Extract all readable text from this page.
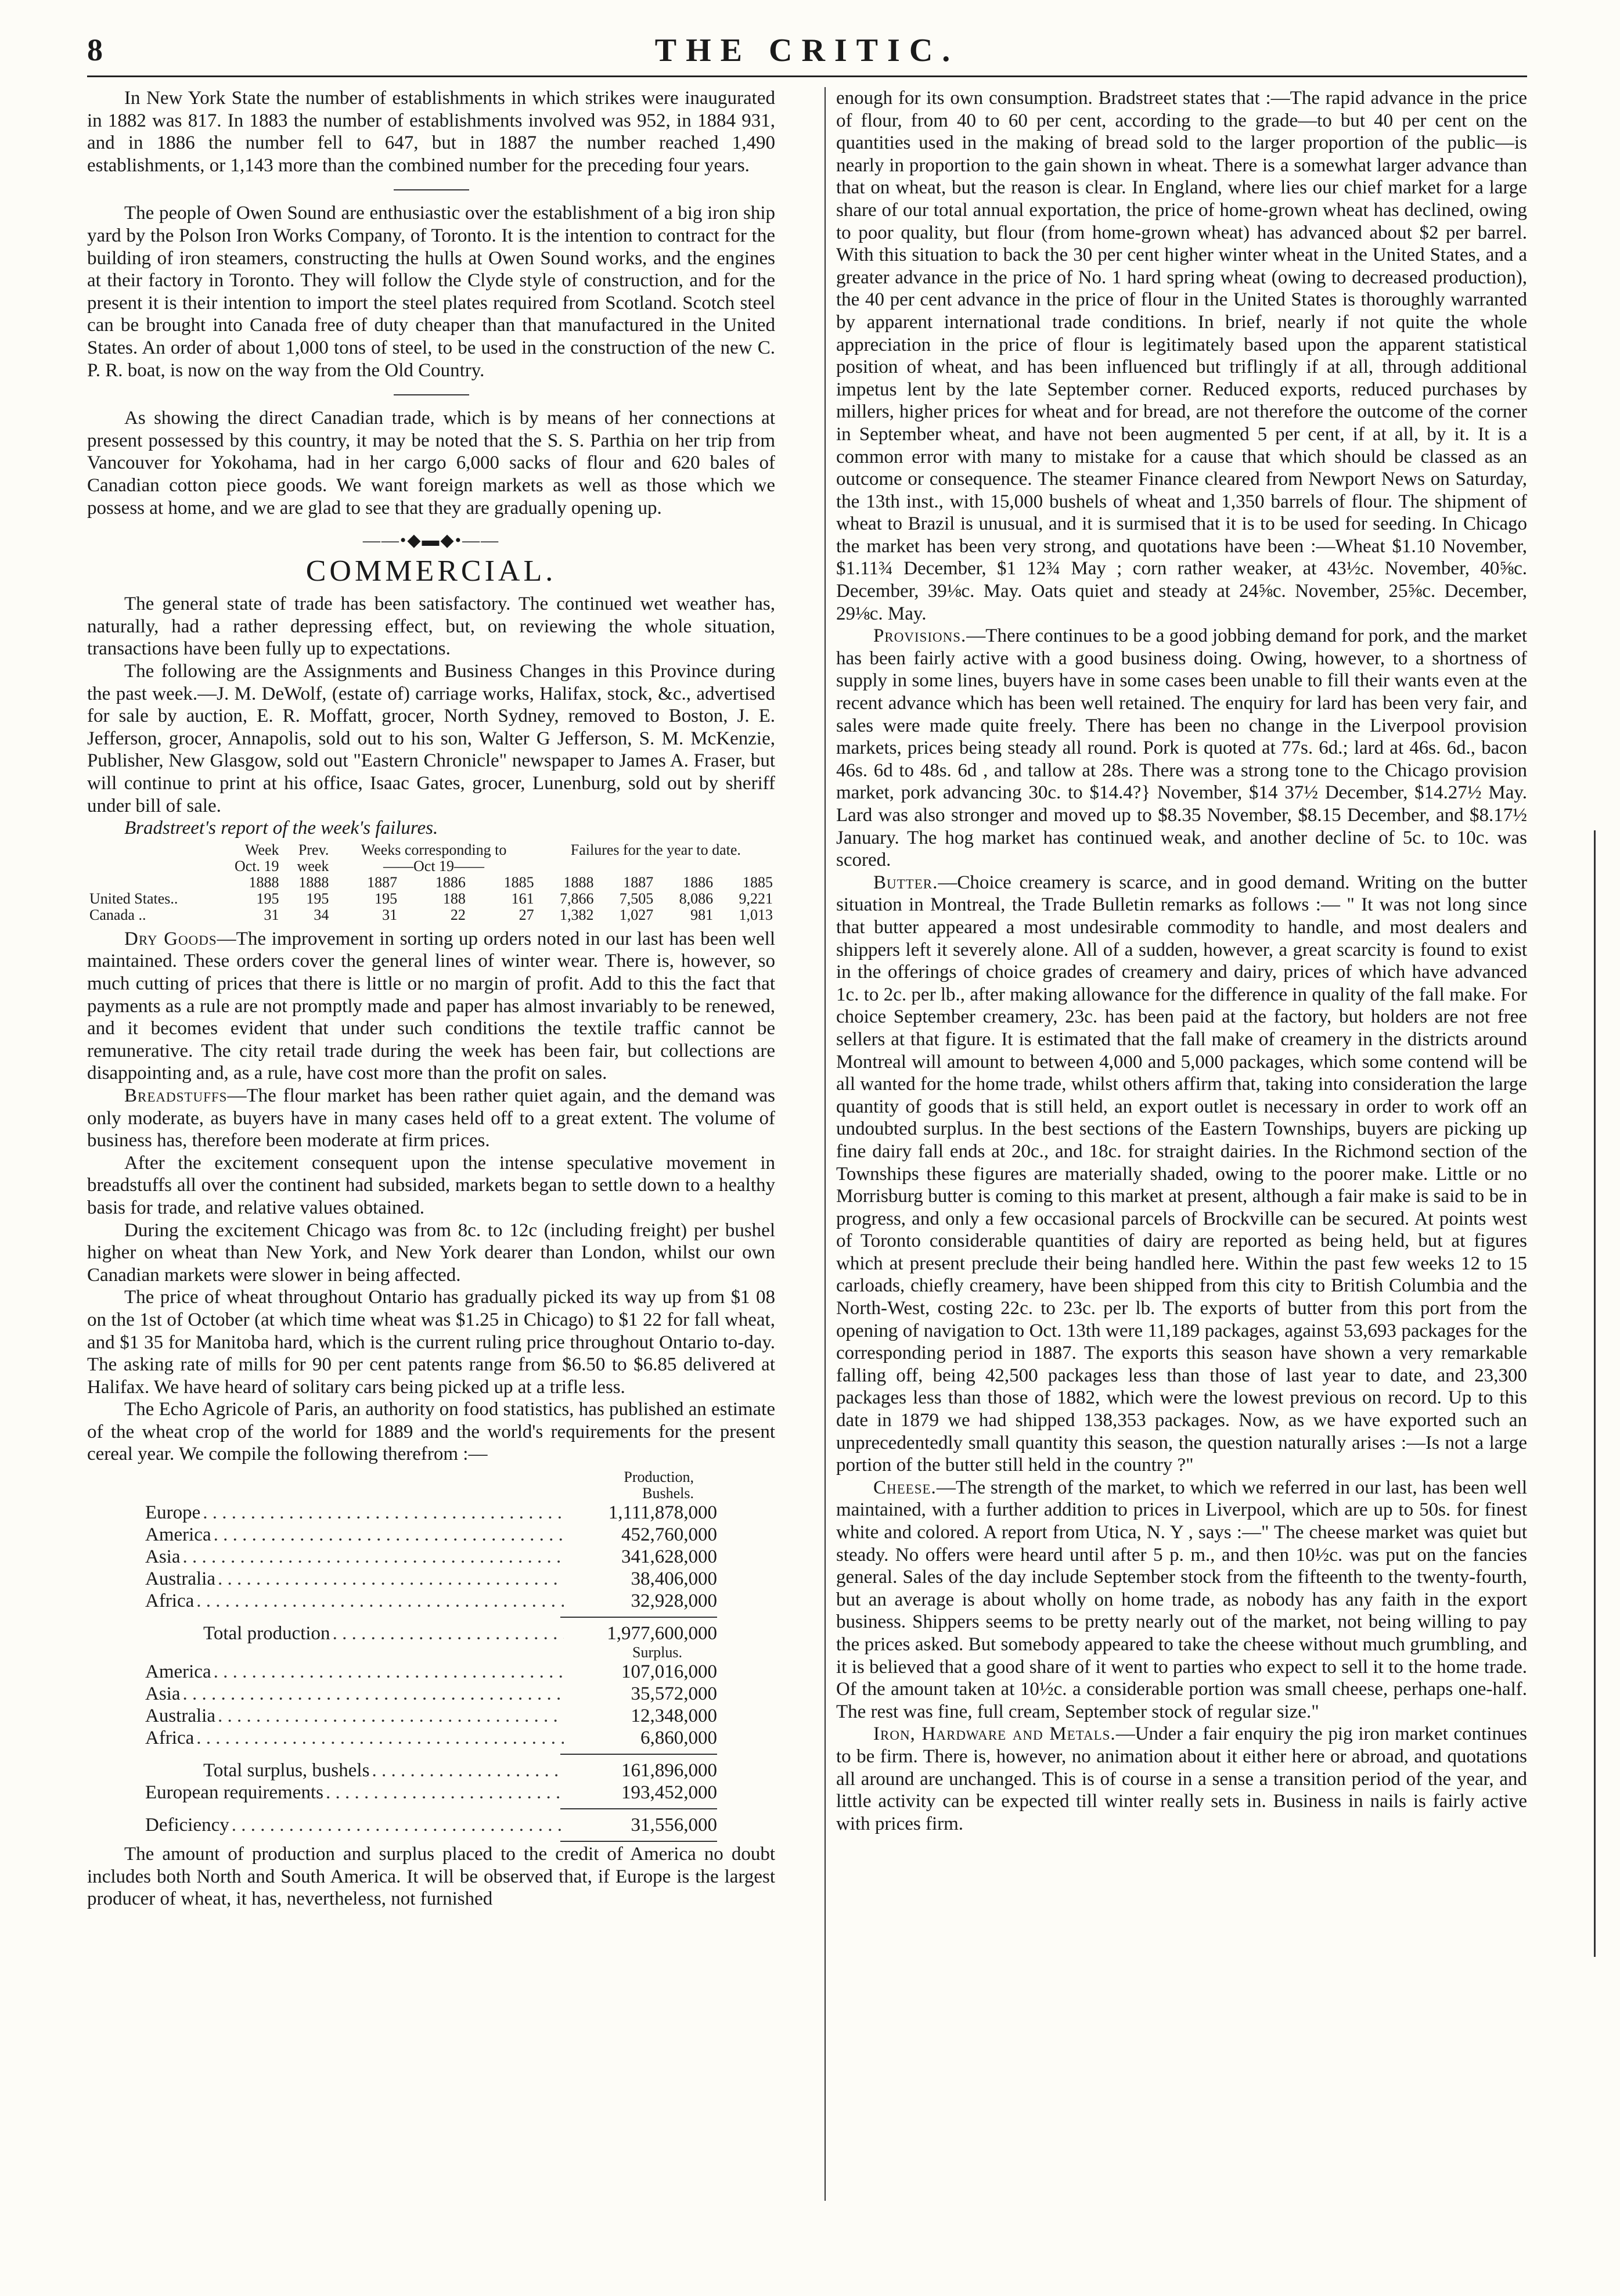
8	THE CRITIC.

In New York State the number of establishments in which strikes were inaugurated in 1882 was 817. In 1883 the number of establishments involved was 952, in 1884 931, and in 1886 the number fell to 647, but in 1887 the number reached 1,490 establishments, or 1,143 more than the combined number for the preceding four years.

The people of Owen Sound are enthusiastic over the establishment of a big iron ship yard by the Polson Iron Works Company, of Toronto. It is the intention to contract for the building of iron steamers, constructing the hulls at Owen Sound works, and the engines at their factory in Toronto. They will follow the Clyde style of construction, and for the present it is their intention to import the steel plates required from Scotland. Scotch steel can be brought into Canada free of duty cheaper than that manufactured in the United States. An order of about 1,000 tons of steel, to be used in the construction of the new C. P. R. boat, is now on the way from the Old Country.

As showing the direct Canadian trade, which is by means of her connections at present possessed by this country, it may be noted that the S. S. Parthia on her trip from Vancouver for Yokohama, had in her cargo 6,000 sacks of flour and 620 bales of Canadian cotton piece goods. We want foreign markets as well as those which we possess at home, and we are glad to see that they are gradually opening up.

——•◆▬◆•——
COMMERCIAL.

The general state of trade has been satisfactory. The continued wet weather has, naturally, had a rather depressing effect, but, on reviewing the whole situation, transactions have been fully up to expectations.

The following are the Assignments and Business Changes in this Province during the past week.—J. M. DeWolf, (estate of) carriage works, Halifax, stock, &c., advertised for sale by auction, E. R. Moffatt, grocer, North Sydney, removed to Boston, J. E. Jefferson, grocer, Annapolis, sold out to his son, Walter G Jefferson, S. M. McKenzie, Publisher, New Glasgow, sold out "Eastern Chronicle" newspaper to James A. Fraser, but will continue to print at his office, Isaac Gates, grocer, Lunenburg, sold out by sheriff under bill of sale.

Bradstreet's report of the week's failures.

	Week	Prev.	Weeks corresponding to			Failures for the year to date.			
	Oct. 19	week	——Oct 19——						
	1888	1888	1887	1886	1885	1888	1887	1886	1885
United States..	195	195	195	188	161	7,866	7,505	8,086	9,221
Canada ..	31	34	31	22	27	1,382	1,027	981	1,013

Dry Goods—The improvement in sorting up orders noted in our last has been well maintained. These orders cover the general lines of winter wear. There is, however, so much cutting of prices that there is little or no margin of profit. Add to this the fact that payments as a rule are not promptly made and paper has almost invariably to be renewed, and it becomes evident that under such conditions the textile traffic cannot be remunerative. The city retail trade during the week has been fair, but collections are disappointing and, as a rule, have cost more than the profit on sales.

Breadstuffs—The flour market has been rather quiet again, and the demand was only moderate, as buyers have in many cases held off to a great extent. The volume of business has, therefore been moderate at firm prices.

After the excitement consequent upon the intense speculative movement in breadstuffs all over the continent had subsided, markets began to settle down to a healthy basis for trade, and relative values obtained.

During the excitement Chicago was from 8c. to 12c (including freight) per bushel higher on wheat than New York, and New York dearer than London, whilst our own Canadian markets were slower in being affected.

The price of wheat throughout Ontario has gradually picked its way up from $1 08 on the 1st of October (at which time wheat was $1.25 in Chicago) to $1 22 for fall wheat, and $1 35 for Manitoba hard, which is the current ruling price throughout Ontario to-day. The asking rate of mills for 90 per cent patents range from $6.50 to $6.85 delivered at Halifax. We have heard of solitary cars being picked up at a trifle less.

The Echo Agricole of Paris, an authority on food statistics, has published an estimate of the wheat crop of the world for 1889 and the world's requirements for the present cereal year. We compile the following therefrom :—

Production,
Bushels.
Europe . . .	1,111,878,000
America . . .	452,760,000
Asia . . .	341,628,000
Australia . . .	38,406,000
Africa . . .	32,928,000
Total production . . .	1,977,600,000
Surplus.
America . . .	107,016,000
Asia . . .	35,572,000
Australia . . .	12,348,000
Africa . . .	6,860,000
Total surplus, bushels . . .	161,896,000
European requirements . . .	193,452,000
Deficiency . . .	31,556,000

The amount of production and surplus placed to the credit of America no doubt includes both North and South America. It will be observed that, if Europe is the largest producer of wheat, it has, nevertheless, not furnished

enough for its own consumption. Bradstreet states that :—The rapid advance in the price of flour, from 40 to 60 per cent, according to the grade—to but 40 per cent on the quantities used in the making of bread sold to the larger proportion of the public—is nearly in proportion to the gain shown in wheat. There is a somewhat larger advance than that on wheat, but the reason is clear. In England, where lies our chief market for a large share of our total annual exportation, the price of home-grown wheat has declined, owing to poor quality, but flour (from home-grown wheat) has advanced about $2 per barrel. With this situation to back the 30 per cent higher winter wheat in the United States, and a greater advance in the price of No. 1 hard spring wheat (owing to decreased production), the 40 per cent advance in the price of flour in the United States is thoroughly warranted by apparent international trade conditions. In brief, nearly if not quite the whole appreciation in the price of flour is legitimately based upon the apparent statistical position of wheat, and has been influenced but triflingly if at all, through additional impetus lent by the late September corner. Reduced exports, reduced purchases by millers, higher prices for wheat and for bread, are not therefore the outcome of the corner in September wheat, and have not been augmented 5 per cent, if at all, by it. It is a common error with many to mistake for a cause that which should be classed as an outcome or consequence. The steamer Finance cleared from Newport News on Saturday, the 13th inst., with 15,000 bushels of wheat and 1,350 barrels of flour. The shipment of wheat to Brazil is unusual, and it is surmised that it is to be used for seeding. In Chicago the market has been very strong, and quotations have been :—Wheat $1.10 November, $1.11¾ December, $1 12¾ May ; corn rather weaker, at 43½c. November, 40⅝c. December, 39⅛c. May. Oats quiet and steady at 24⅝c. November, 25⅝c. December, 29⅛c. May.

Provisions.—There continues to be a good jobbing demand for pork, and the market has been fairly active with a good business doing. Owing, however, to a shortness of supply in some lines, buyers have in some cases been unable to fill their wants even at the recent advance which has been well retained. The enquiry for lard has been very fair, and sales were made quite freely. There has been no change in the Liverpool provision markets, prices being steady all round. Pork is quoted at 77s. 6d.; lard at 46s. 6d., bacon 46s. 6d to 48s. 6d , and tallow at 28s. There was a strong tone to the Chicago provision market, pork advancing 30c. to $14.4?} November, $14 37½ December, $14.27½ May. Lard was also stronger and moved up to $8.35 November, $8.15 December, and $8.17½ January. The hog market has continued weak, and another decline of 5c. to 10c. was scored.

Butter.—Choice creamery is scarce, and in good demand. Writing on the butter situation in Montreal, the Trade Bulletin remarks as follows :— " It was not long since that butter appeared a most undesirable commodity to handle, and most dealers and shippers left it severely alone. All of a sudden, however, a great scarcity is found to exist in the offerings of choice grades of creamery and dairy, prices of which have advanced 1c. to 2c. per lb., after making allowance for the difference in quality of the fall make. For choice September creamery, 23c. has been paid at the factory, but holders are not free sellers at that figure. It is estimated that the fall make of creamery in the districts around Montreal will amount to between 4,000 and 5,000 packages, which some contend will be all wanted for the home trade, whilst others affirm that, taking into consideration the large quantity of goods that is still held, an export outlet is necessary in order to work off an undoubted surplus. In the best sections of the Eastern Townships, buyers are picking up fine dairy fall ends at 20c., and 18c. for straight dairies. In the Richmond section of the Townships these figures are materially shaded, owing to the poorer make. Little or no Morrisburg butter is coming to this market at present, although a fair make is said to be in progress, and only a few occasional parcels of Brockville can be secured. At points west of Toronto considerable quantities of dairy are reported as being held, but at figures which at present preclude their being handled here. Within the past few weeks 12 to 15 carloads, chiefly creamery, have been shipped from this city to British Columbia and the North-West, costing 22c. to 23c. per lb. The exports of butter from this port from the opening of navigation to Oct. 13th were 11,189 packages, against 53,693 packages for the corresponding period in 1887. The exports this season have shown a very remarkable falling off, being 42,500 packages less than those of last year to date, and 23,300 packages less than those of 1882, which were the lowest previous on record. Up to this date in 1879 we had shipped 138,353 packages. Now, as we have exported such an unprecedentedly small quantity this season, the question naturally arises :—Is not a large portion of the butter still held in the country ?"

Cheese.—The strength of the market, to which we referred in our last, has been well maintained, with a further addition to prices in Liverpool, which are up to 50s. for finest white and colored. A report from Utica, N. Y , says :—" The cheese market was quiet but steady. No offers were heard until after 5 p. m., and then 10½c. was put on the fancies general. Sales of the day include September stock from the fifteenth to the twenty-fourth, but an average is about wholly on home trade, as nobody has any faith in the export business. Shippers seems to be pretty nearly out of the market, not being willing to pay the prices asked. But somebody appeared to take the cheese without much grumbling, and it is believed that a good share of it went to parties who expect to sell it to the home trade. Of the amount taken at 10½c. a considerable portion was small cheese, perhaps one-half. The rest was fine, full cream, September stock of regular size."

Iron, Hardware and Metals.—Under a fair enquiry the pig iron market continues to be firm. There is, however, no animation about it either here or abroad, and quotations all around are unchanged. This is of course in a sense a transition period of the year, and little activity can be expected till winter really sets in. Business in nails is fairly active with prices firm.
